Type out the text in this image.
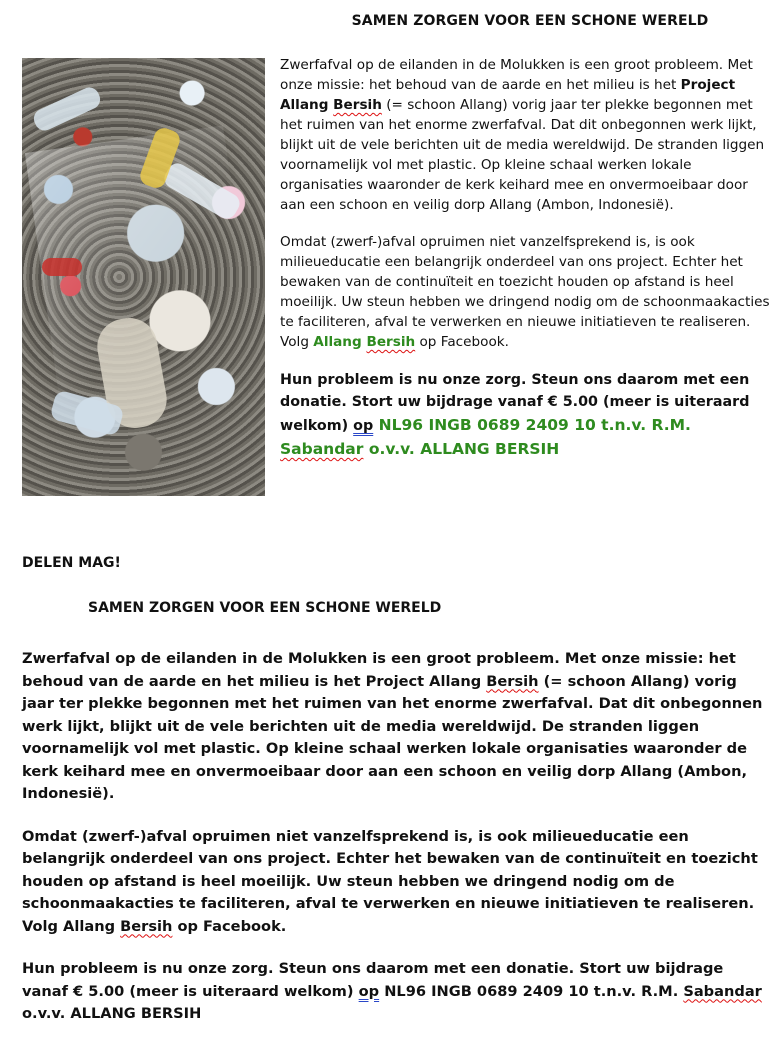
SAMEN ZORGEN VOOR EEN SCHONE WERELD

Zwerfafval op de eilanden in de Molukken is een groot probleem. Met onze missie: het behoud van de aarde en het milieu is het Project Allang Bersih (= schoon Allang) vorig jaar ter plekke begonnen met het ruimen van het enorme zwerfafval. Dat dit onbegonnen werk lijkt, blijkt uit de vele berichten uit de media wereldwijd. De stranden liggen voornamelijk vol met plastic. Op kleine schaal werken lokale organisaties waaronder de kerk keihard mee en onvermoeibaar door aan een schoon en veilig dorp Allang (Ambon, Indonesië).

Omdat (zwerf-)afval opruimen niet vanzelfsprekend is, is ook milieueducatie een belangrijk onderdeel van ons project. Echter het bewaken van de continuïteit en toezicht houden op afstand is heel moeilijk. Uw steun hebben we dringend nodig om de schoonmaakacties te faciliteren, afval te verwerken en nieuwe initiatieven te realiseren. Volg Allang Bersih op Facebook.

Hun probleem is nu onze zorg. Steun ons daarom met een donatie. Stort uw bijdrage vanaf € 5.00 (meer is uiteraard welkom) op NL96 INGB 0689 2409 10 t.n.v. R.M. Sabandar o.v.v. ALLANG BERSIH

DELEN MAG!

SAMEN ZORGEN VOOR EEN SCHONE WERELD

Zwerfafval op de eilanden in de Molukken is een groot probleem. Met onze missie: het behoud van de aarde en het milieu is het Project Allang Bersih (= schoon Allang) vorig jaar ter plekke begonnen met het ruimen van het enorme zwerfafval. Dat dit onbegonnen werk lijkt, blijkt uit de vele berichten uit de media wereldwijd. De stranden liggen voornamelijk vol met plastic. Op kleine schaal werken lokale organisaties waaronder de kerk keihard mee en onvermoeibaar door aan een schoon en veilig dorp Allang (Ambon, Indonesië).

Omdat (zwerf-)afval opruimen niet vanzelfsprekend is, is ook milieueducatie een belangrijk onderdeel van ons project. Echter het bewaken van de continuïteit en toezicht houden op afstand is heel moeilijk. Uw steun hebben we dringend nodig om de schoonmaakacties te faciliteren, afval te verwerken en nieuwe initiatieven te realiseren. Volg Allang Bersih op Facebook.

Hun probleem is nu onze zorg. Steun ons daarom met een donatie. Stort uw bijdrage vanaf € 5.00 (meer is uiteraard welkom) op NL96 INGB 0689 2409 10 t.n.v. R.M. Sabandar o.v.v. ALLANG BERSIH
